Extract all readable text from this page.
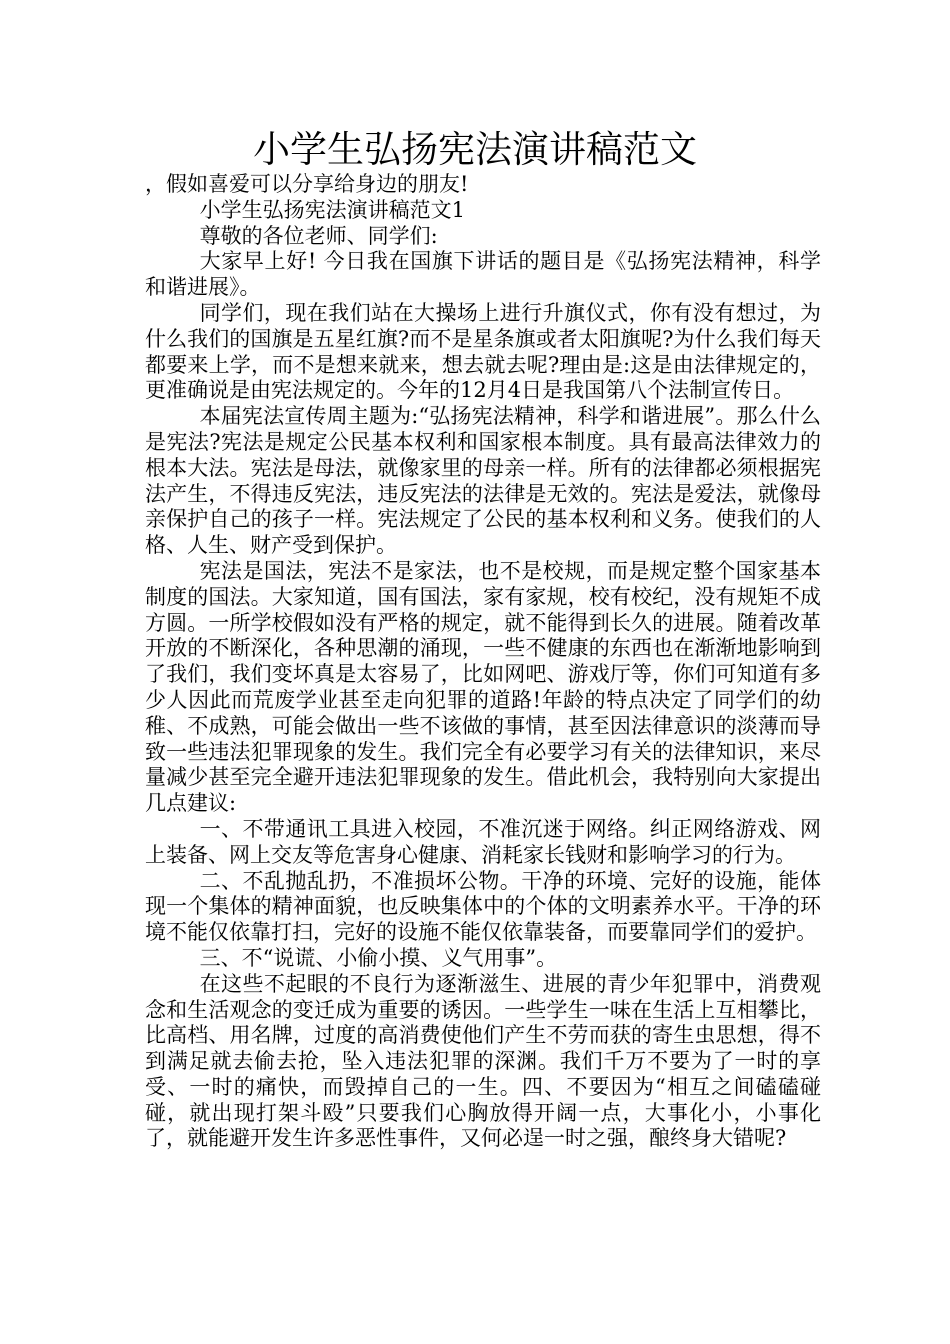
小学生弘扬宪法演讲稿范文

，假如喜爱可以分享给身边的朋友!

小学生弘扬宪法演讲稿范文1

尊敬的各位老师、同学们:

大家早上好! 今日我在国旗下讲话的题目是《弘扬宪法精神，科学和谐进展》。

同学们，现在我们站在大操场上进行升旗仪式，你有没有想过，为什么我们的国旗是五星红旗?而不是星条旗或者太阳旗呢?为什么我们每天都要来上学，而不是想来就来，想去就去呢?理由是:这是由法律规定的，更准确说是由宪法规定的。今年的12月4日是我国第八个法制宣传日。

本届宪法宣传周主题为:“弘扬宪法精神，科学和谐进展”。那么什么是宪法?宪法是规定公民基本权利和国家根本制度。具有最高法律效力的根本大法。宪法是母法，就像家里的母亲一样。所有的法律都必须根据宪法产生，不得违反宪法，违反宪法的法律是无效的。宪法是爱法，就像母亲保护自己的孩子一样。宪法规定了公民的基本权利和义务。使我们的人格、人生、财产受到保护。

宪法是国法，宪法不是家法，也不是校规，而是规定整个国家基本制度的国法。大家知道，国有国法，家有家规，校有校纪，没有规矩不成方圆。一所学校假如没有严格的规定，就不能得到长久的进展。随着改革开放的不断深化，各种思潮的涌现，一些不健康的东西也在渐渐地影响到了我们，我们变坏真是太容易了，比如网吧、游戏厅等，你们可知道有多少人因此而荒废学业甚至走向犯罪的道路!年龄的特点决定了同学们的幼稚、不成熟，可能会做出一些不该做的事情，甚至因法律意识的淡薄而导致一些违法犯罪现象的发生。我们完全有必要学习有关的法律知识，来尽量减少甚至完全避开违法犯罪现象的发生。借此机会，我特别向大家提出几点建议:

一、不带通讯工具进入校园，不准沉迷于网络。纠正网络游戏、网上装备、网上交友等危害身心健康、消耗家长钱财和影响学习的行为。

二、不乱抛乱扔，不准损坏公物。干净的环境、完好的设施，能体现一个集体的精神面貌，也反映集体中的个体的文明素养水平。干净的环境不能仅依靠打扫，完好的设施不能仅依靠装备，而要靠同学们的爱护。

三、不“说谎、小偷小摸、义气用事”。

在这些不起眼的不良行为逐渐滋生、进展的青少年犯罪中，消费观念和生活观念的变迁成为重要的诱因。一些学生一味在生活上互相攀比，比高档、用名牌，过度的高消费使他们产生不劳而获的寄生虫思想，得不到满足就去偷去抢，坠入违法犯罪的深渊。我们千万不要为了一时的享受、一时的痛快，而毁掉自己的一生。四、不要因为“相互之间磕磕碰碰，就出现打架斗殴”只要我们心胸放得开阔一点，大事化小，小事化了，就能避开发生许多恶性事件，又何必逞一时之强，酿终身大错呢?
